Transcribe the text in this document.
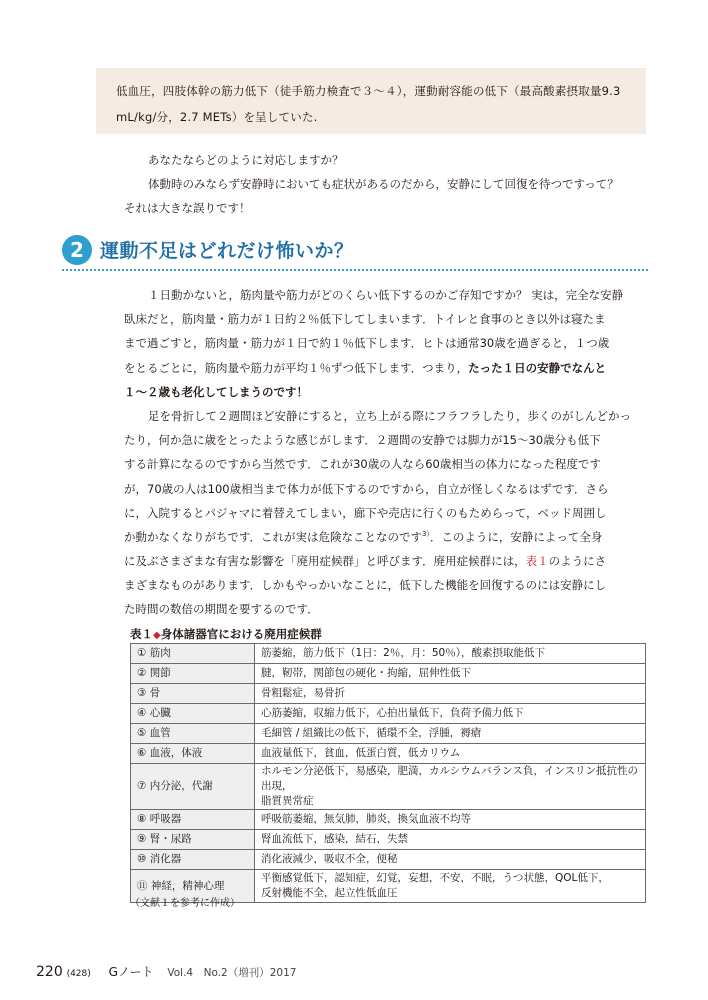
低血圧，四肢体幹の筋力低下（徒手筋力検査で３～４），運動耐容能の低下（最高酸素摂取量9.3
mL/kg/分，2.7 METs）を呈していた.

あなたならどのように対応しますか？

体動時のみならず安静時においても症状があるのだから，安静にして回復を待つですって？

それは大きな誤りです！

2 運動不足はどれだけ怖いか？
１日動かないと，筋肉量や筋力がどのくらい低下するのかご存知ですか？ 実は，完全な安静
臥床だと，筋肉量・筋力が１日約２％低下してしまいます．トイレと食事のとき以外は寝たま
まで過ごすと，筋肉量・筋力が１日で約１％低下します．ヒトは通常30歳を過ぎると，１つ歳
をとるごとに，筋肉量や筋力が平均１％ずつ低下します．つまり，たった１日の安静でなんと
１～２歳も老化してしまうのです！
足を骨折して２週間ほど安静にすると，立ち上がる際にフラフラしたり，歩くのがしんどかっ
たり，何か急に歳をとったような感じがします．２週間の安静では脚力が15～30歳分も低下
する計算になるのですから当然です．これが30歳の人なら60歳相当の体力になった程度です
が，70歳の人は100歳相当まで体力が低下するのですから，自立が怪しくなるはずです．さら
に，入院するとパジャマに着替えてしまい，廊下や売店に行くのもためらって，ベッド周囲し
か動かなくなりがちです．これが実は危険なことなのです$^{3)}$．このように，安静によって全身
に及ぶさまざまな有害な影響を「廃用症候群」と呼びます．廃用症候群には，表１のようにさ
まざまなものがあります．しかもやっかいなことに，低下した機能を回復するのには安静にし
た時間の数倍の期間を要するのです．
表１◆身体諸器官における廃用症候群
① 筋肉	筋萎縮，筋力低下（1日：2％，月：50％），酸素摂取能低下
② 関節	腱，靭帯，関節包の硬化・拘縮，屈伸性低下
③ 骨	骨粗鬆症，易骨折
④ 心臓	心筋萎縮，収縮力低下，心拍出量低下，負荷予備力低下
⑤ 血管	毛細管 / 組織比の低下，循環不全，浮腫，褥瘡
⑥ 血液，体液	血液量低下，貧血，低蛋白質，低カリウム
⑦ 内分泌，代謝	ホルモン分泌低下，易感染，肥満，カルシウムバランス負，インスリン抵抗性の出現，
脂質異常症

⑧ 呼吸器	呼吸筋萎縮，無気肺，肺炎，換気血液不均等
⑨ 腎・尿路	腎血流低下，感染，結石，失禁
⑩ 消化器	消化液減少，吸収不全，便秘
⑪ 神経，精神心理	平衡感覚低下，認知症，幻覚，妄想，不安，不眠，うつ状態，QOL低下，
反射機能不全，起立性低血圧
（文献１を参考に作成）
220 (428) Gノート Vol.4　No.2（増刊）2017
